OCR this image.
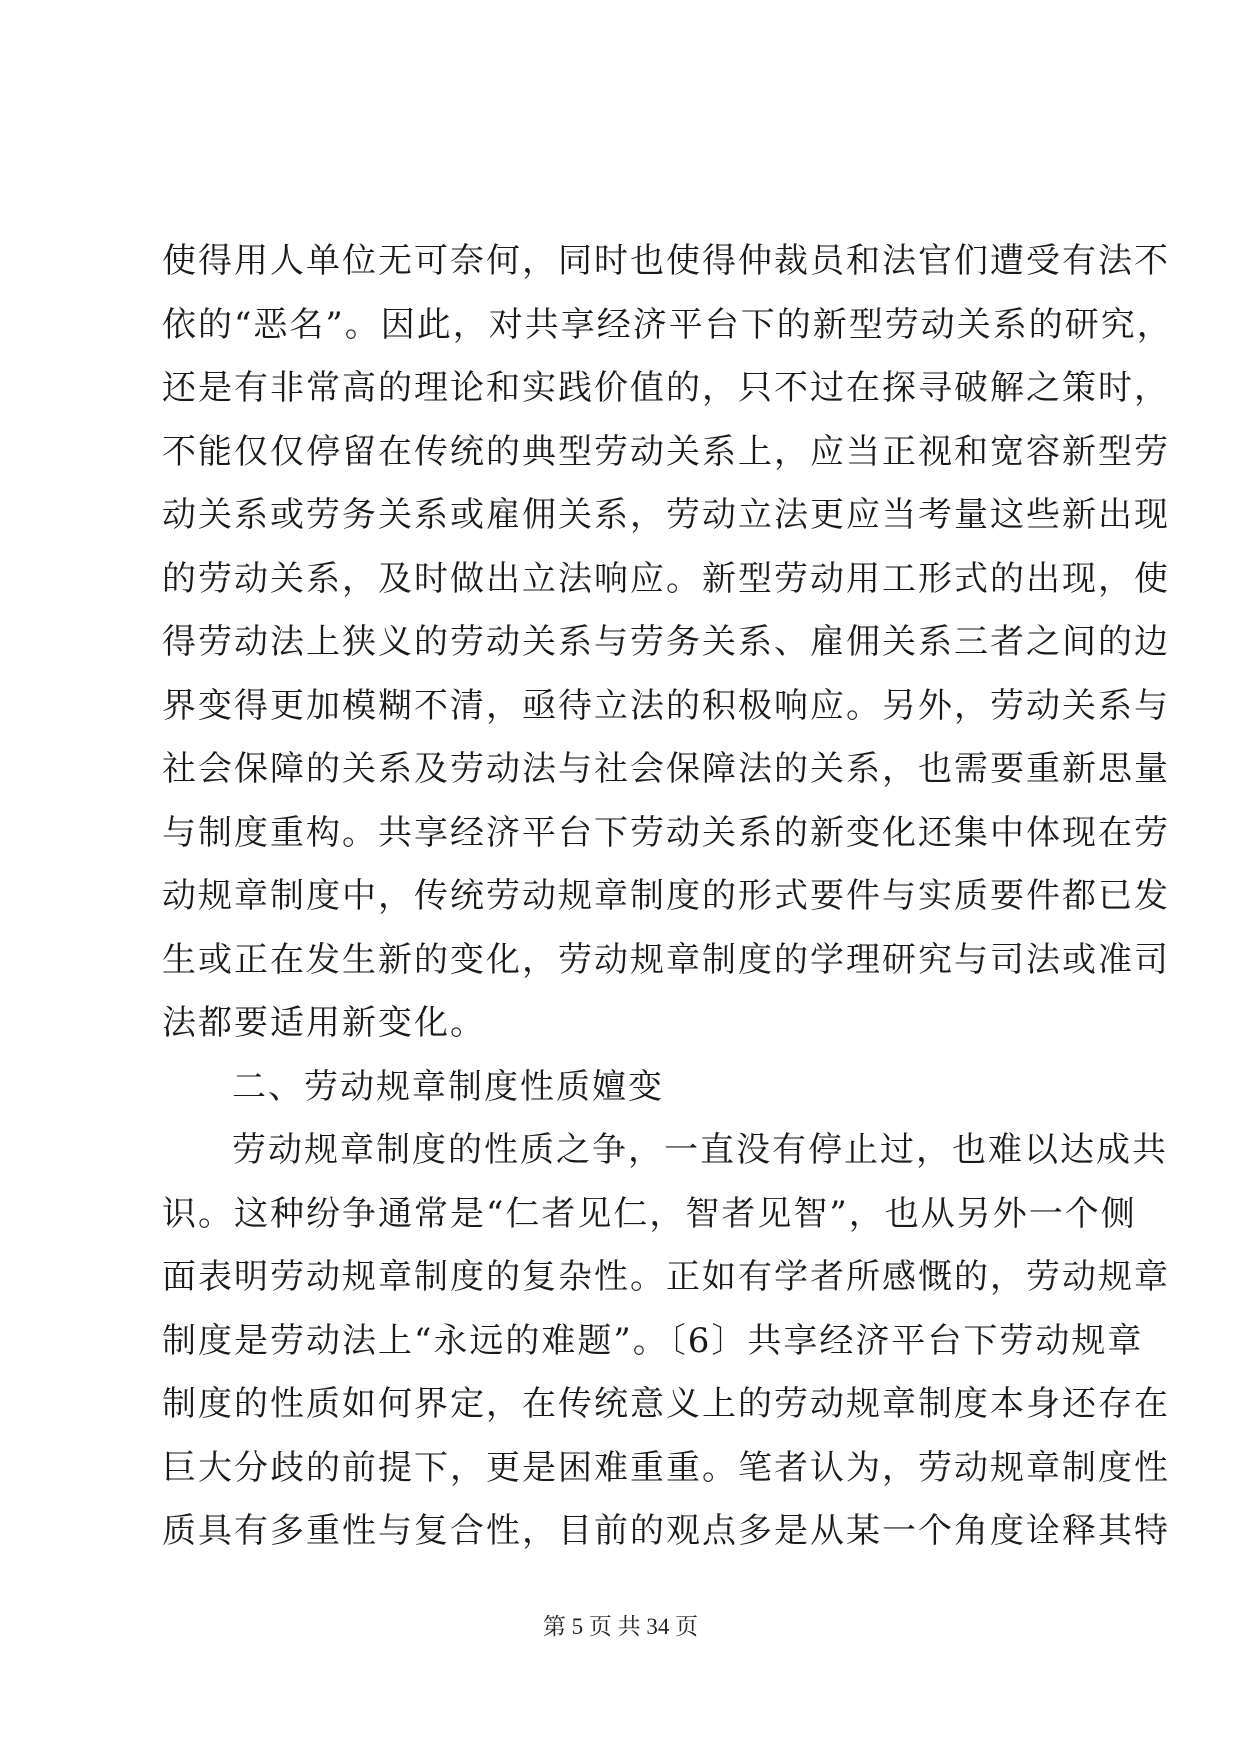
使得用人单位无可奈何，同时也使得仲裁员和法官们遭受有法不
依的“恶名”。因此，对共享经济平台下的新型劳动关系的研究，
还是有非常高的理论和实践价值的，只不过在探寻破解之策时，
不能仅仅停留在传统的典型劳动关系上，应当正视和宽容新型劳
动关系或劳务关系或雇佣关系，劳动立法更应当考量这些新出现
的劳动关系，及时做出立法响应。新型劳动用工形式的出现，使
得劳动法上狭义的劳动关系与劳务关系、雇佣关系三者之间的边
界变得更加模糊不清，亟待立法的积极响应。另外，劳动关系与
社会保障的关系及劳动法与社会保障法的关系，也需要重新思量
与制度重构。共享经济平台下劳动关系的新变化还集中体现在劳
动规章制度中，传统劳动规章制度的形式要件与实质要件都已发
生或正在发生新的变化，劳动规章制度的学理研究与司法或准司
法都要适用新变化。
二、劳动规章制度性质嬗变
劳动规章制度的性质之争，一直没有停止过，也难以达成共
识。这种纷争通常是“仁者见仁，智者见智”，也从另外一个侧
面表明劳动规章制度的复杂性。正如有学者所感慨的，劳动规章
制度是劳动法上“永远的难题”。〔6〕共享经济平台下劳动规章
制度的性质如何界定，在传统意义上的劳动规章制度本身还存在
巨大分歧的前提下，更是困难重重。笔者认为，劳动规章制度性
质具有多重性与复合性，目前的观点多是从某一个角度诠释其特
第 5 页 共 34 页
